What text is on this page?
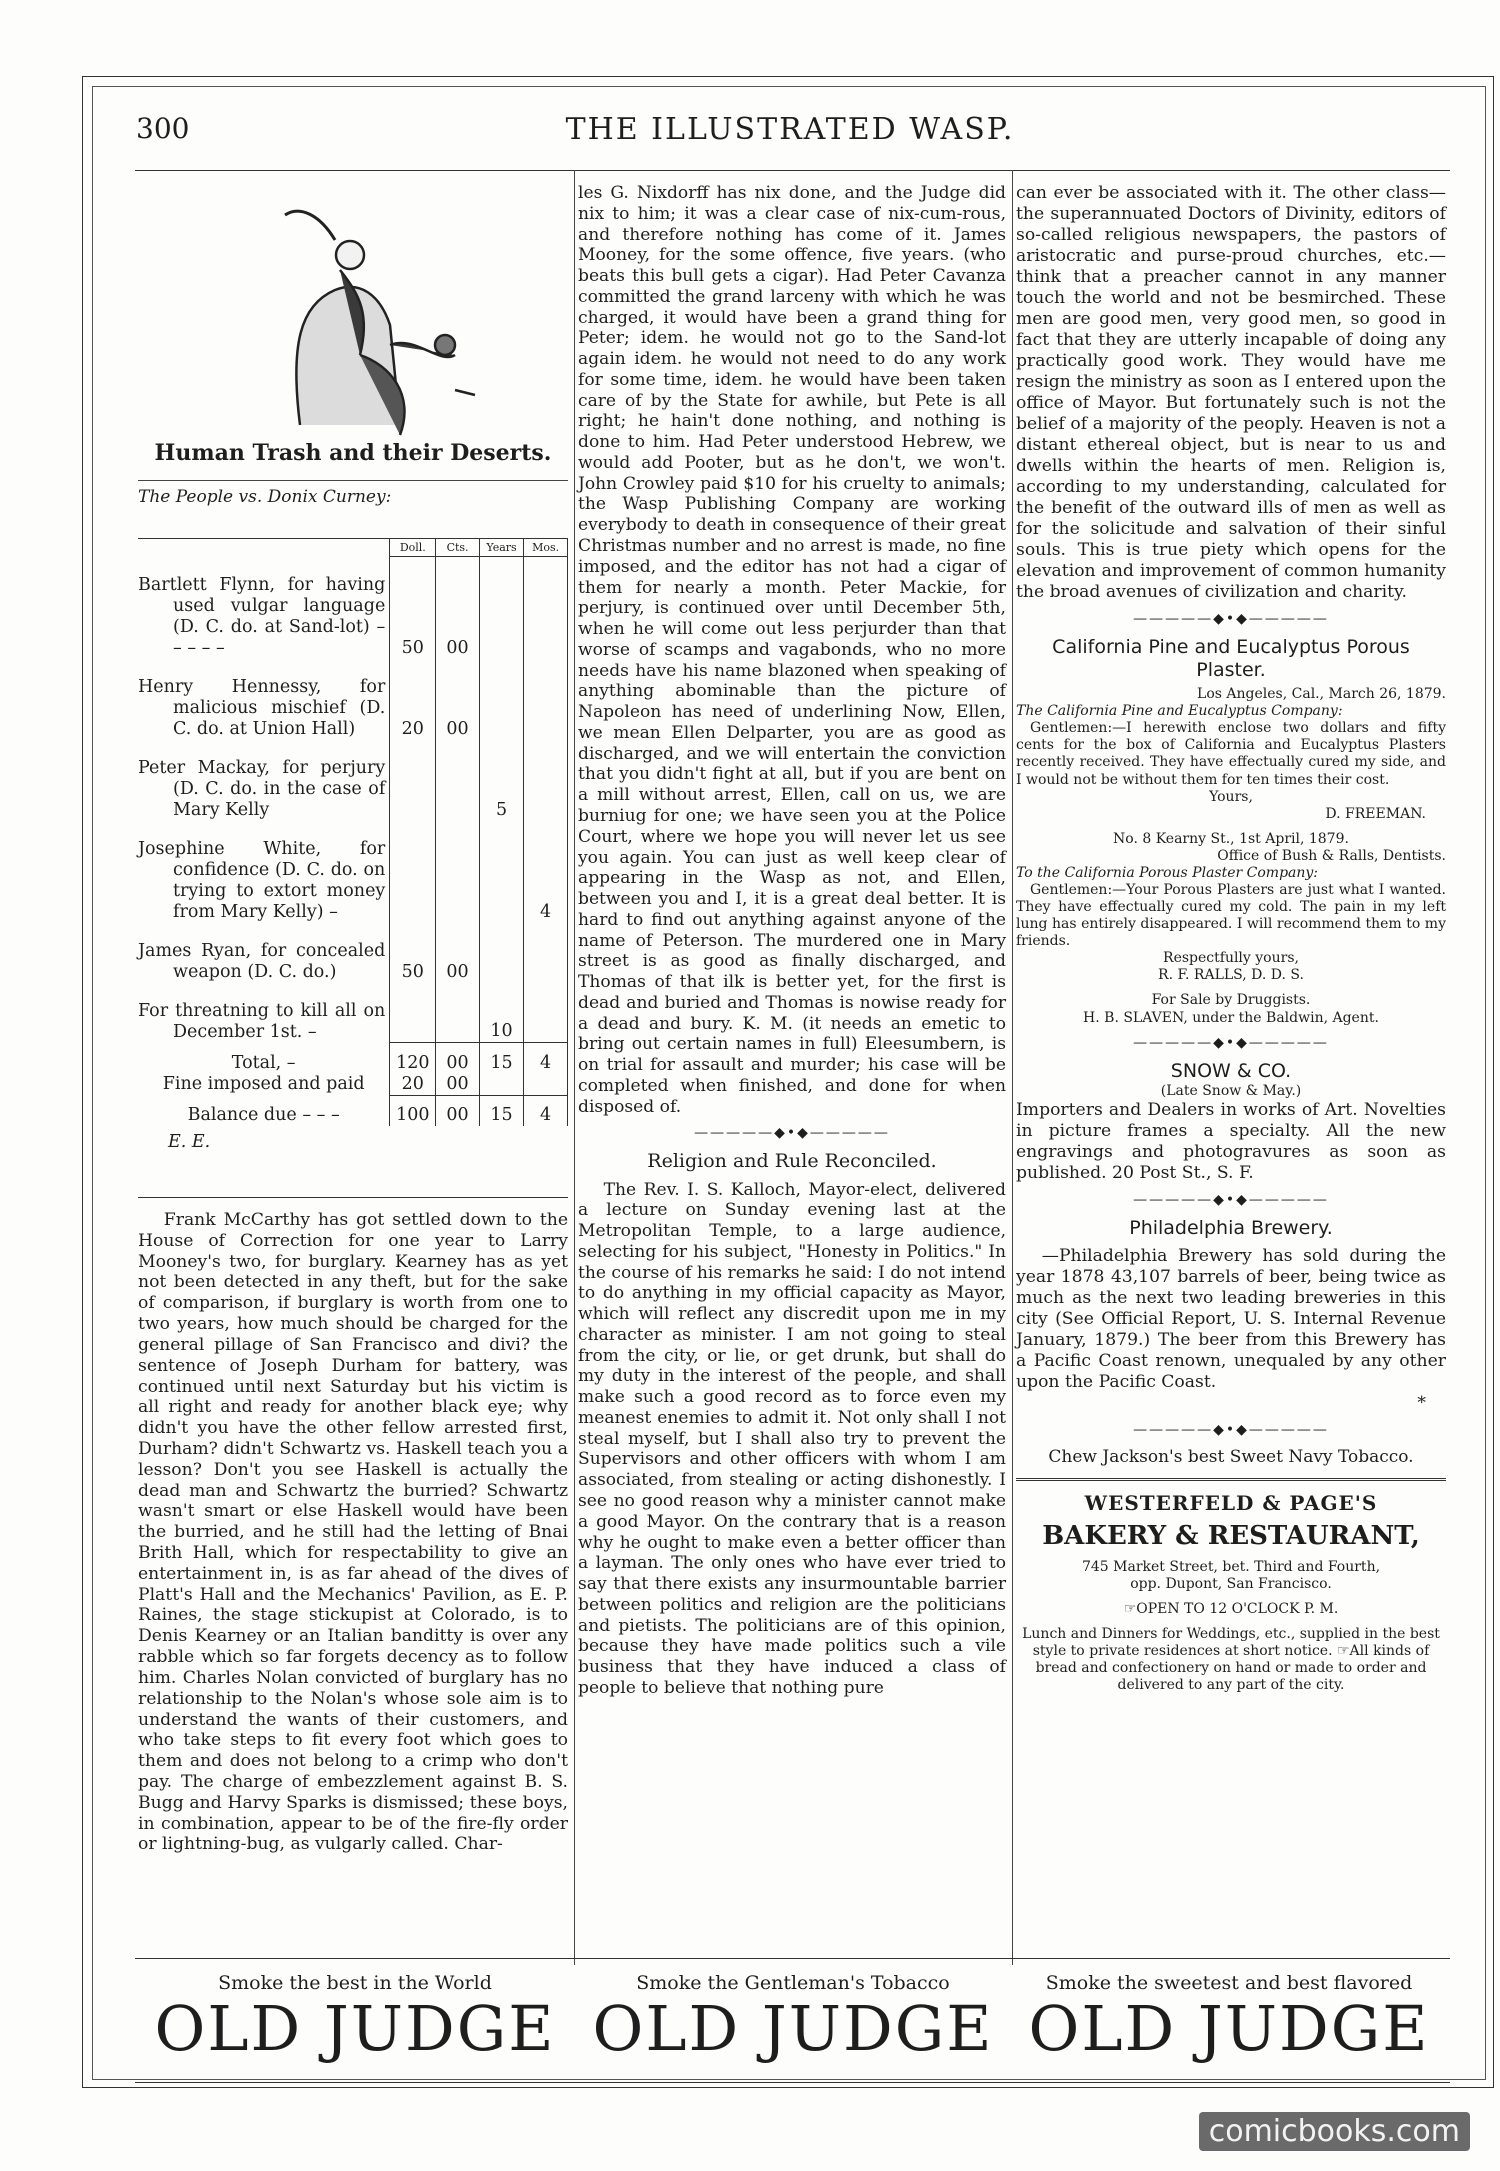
300	THE ILLUSTRATED WASP.
Human Trash and their Deserts.
The People vs. Donix Curney:
	Doll.	Cts.	Years	Mos.
Bartlett Flynn, for having used vulgar language (D. C. do. at Sand-lot) – – – – –	50	00		
Henry Hennessy, for malicious mischief (D. C. do. at Union Hall)	20	00		
Peter Mackay, for perjury (D. C. do. in the case of Mary Kelly			5	
Josephine White, for confidence (D. C. do. on trying to extort money from Mary Kelly) –				4
James Ryan, for concealed weapon (D. C. do.)	50	00		
For threatning to kill all on December 1st. –			10	
Total, –	120	00	15	4
Fine imposed and paid	20	00		
Balance due – – –	100	00	15	4
E. E.

Frank McCarthy has got settled down to the House of Correction for one year to Larry Mooney's two, for burglary. Kearney has as yet not been detected in any theft, but for the sake of comparison, if burglary is worth from one to two years, how much should be charged for the general pillage of San Francisco and divi? the sentence of Joseph Durham for battery, was continued until next Saturday but his victim is all right and ready for another black eye; why didn't you have the other fellow arrested first, Durham? didn't Schwartz vs. Haskell teach you a lesson? Don't you see Haskell is actually the dead man and Schwartz the burried? Schwartz wasn't smart or else Haskell would have been the burried, and he still had the letting of Bnai Brith Hall, which for respectability to give an entertainment in, is as far ahead of the dives of Platt's Hall and the Mechanics' Pavilion, as E. P. Raines, the stage stickupist at Colorado, is to Denis Kearney or an Italian banditty is over any rabble which so far forgets decency as to follow him. Charles Nolan convicted of burglary has no relationship to the Nolan's whose sole aim is to understand the wants of their customers, and who take steps to fit every foot which goes to them and does not belong to a crimp who don't pay. The charge of embezzlement against B. S. Bugg and Harvy Sparks is dismissed; these boys, in combination, appear to be of the fire-fly order or lightning-bug, as vulgarly called. Char-

les G. Nixdorff has nix done, and the Judge did nix to him; it was a clear case of nix-cum-rous, and therefore nothing has come of it. James Mooney, for the some offence, five years. (who beats this bull gets a cigar). Had Peter Cavanza committed the grand larceny with which he was charged, it would have been a grand thing for Peter; idem. he would not go to the Sand-lot again idem. he would not need to do any work for some time, idem. he would have been taken care of by the State for awhile, but Pete is all right; he hain't done nothing, and nothing is done to him. Had Peter understood Hebrew, we would add Pooter, but as he don't, we won't. John Crowley paid $10 for his cruelty to animals; the Wasp Publishing Company are working everybody to death in consequence of their great Christmas number and no arrest is made, no fine imposed, and the editor has not had a cigar of them for nearly a month. Peter Mackie, for perjury, is continued over until December 5th, when he will come out less perjurder than that worse of scamps and vagabonds, who no more needs have his name blazoned when speaking of anything abominable than the picture of Napoleon has need of underlining Now, Ellen, we mean Ellen Delparter, you are as good as discharged, and we will entertain the conviction that you didn't fight at all, but if you are bent on a mill without arrest, Ellen, call on us, we are burniug for one; we have seen you at the Police Court, where we hope you will never let us see you again. You can just as well keep clear of appearing in the Wasp as not, and Ellen, between you and I, it is a great deal better. It is hard to find out anything against anyone of the name of Peterson. The murdered one in Mary street is as good as finally discharged, and Thomas of that ilk is better yet, for the first is dead and buried and Thomas is nowise ready for a dead and bury. K. M. (it needs an emetic to bring out certain names in full) Eleesumbern, is on trial for assault and murder; his case will be completed when finished, and done for when disposed of.

—————◆•◆—————
Religion and Rule Reconciled.

The Rev. I. S. Kalloch, Mayor-elect, delivered a lecture on Sunday evening last at the Metropolitan Temple, to a large audience, selecting for his subject, "Honesty in Politics." In the course of his remarks he said: I do not intend to do anything in my official capacity as Mayor, which will reflect any discredit upon me in my character as minister. I am not going to steal from the city, or lie, or get drunk, but shall do my duty in the interest of the people, and shall make such a good record as to force even my meanest enemies to admit it. Not only shall I not steal myself, but I shall also try to prevent the Supervisors and other officers with whom I am associated, from stealing or acting dishonestly. I see no good reason why a minister cannot make a good Mayor. On the contrary that is a reason why he ought to make even a better officer than a layman. The only ones who have ever tried to say that there exists any insurmountable barrier between politics and religion are the politicians and pietists. The politicians are of this opinion, because they have made politics such a vile business that they have induced a class of people to believe that nothing pure

can ever be associated with it. The other class—the superannuated Doctors of Divinity, editors of so-called religious newspapers, the pastors of aristocratic and purse-proud churches, etc.—think that a preacher cannot in any manner touch the world and not be besmirched. These men are good men, very good men, so good in fact that they are utterly incapable of doing any practically good work. They would have me resign the ministry as soon as I entered upon the office of Mayor. But fortunately such is not the belief of a majority of the peoply. Heaven is not a distant ethereal object, but is near to us and dwells within the hearts of men. Religion is, according to my understanding, calculated for the benefit of the outward ills of men as well as for the solicitude and salvation of their sinful souls. This is true piety which opens for the elevation and improvement of common humanity the broad avenues of civilization and charity.

—————◆•◆—————
California Pine and Eucalyptus Porous Plaster.
Los Angeles, Cal., March 26, 1879.
The California Pine and Eucalyptus Company:
Gentlemen:—I herewith enclose two dollars and fifty cents for the box of California and Eucalyptus Plasters recently received. They have effectually cured my side, and I would not be without them for ten times their cost.
Yours,
D. FREEMAN.
No. 8 Kearny St., 1st April, 1879.
Office of Bush & Ralls, Dentists.
To the California Porous Plaster Company:
Gentlemen:—Your Porous Plasters are just what I wanted. They have effectually cured my cold. The pain in my left lung has entirely disappeared. I will recommend them to my friends.
Respectfully yours,
R. F. RALLS, D. D. S.
For Sale by Druggists.
H. B. SLAVEN, under the Baldwin, Agent.
—————◆•◆—————
SNOW & CO.
(Late Snow & May.)

Importers and Dealers in works of Art. Novelties in picture frames a specialty. All the new engravings and photogravures as soon as published. 20 Post St., S. F.

—————◆•◆—————
Philadelphia Brewery.

—Philadelphia Brewery has sold during the year 1878 43,107 barrels of beer, being twice as much as the next two leading breweries in this city (See Official Report, U. S. Internal Revenue January, 1879.) The beer from this Brewery has a Pacific Coast renown, unequaled by any other upon the Pacific Coast.

*
—————◆•◆—————
Chew Jackson's best Sweet Navy Tobacco.
WESTERFELD & PAGE'S
BAKERY & RESTAURANT,
745 Market Street, bet. Third and Fourth,
opp. Dupont, San Francisco.
☞OPEN TO 12 O'CLOCK P. M.
Lunch and Dinners for Weddings, etc., supplied in the best style to private residences at short notice. ☞All kinds of bread and confectionery on hand or made to order and delivered to any part of the city.
Smoke the best in the World
OLD JUDGE
Smoke the Gentleman's Tobacco
OLD JUDGE
Smoke the sweetest and best flavored
OLD JUDGE
comicbooks.com
